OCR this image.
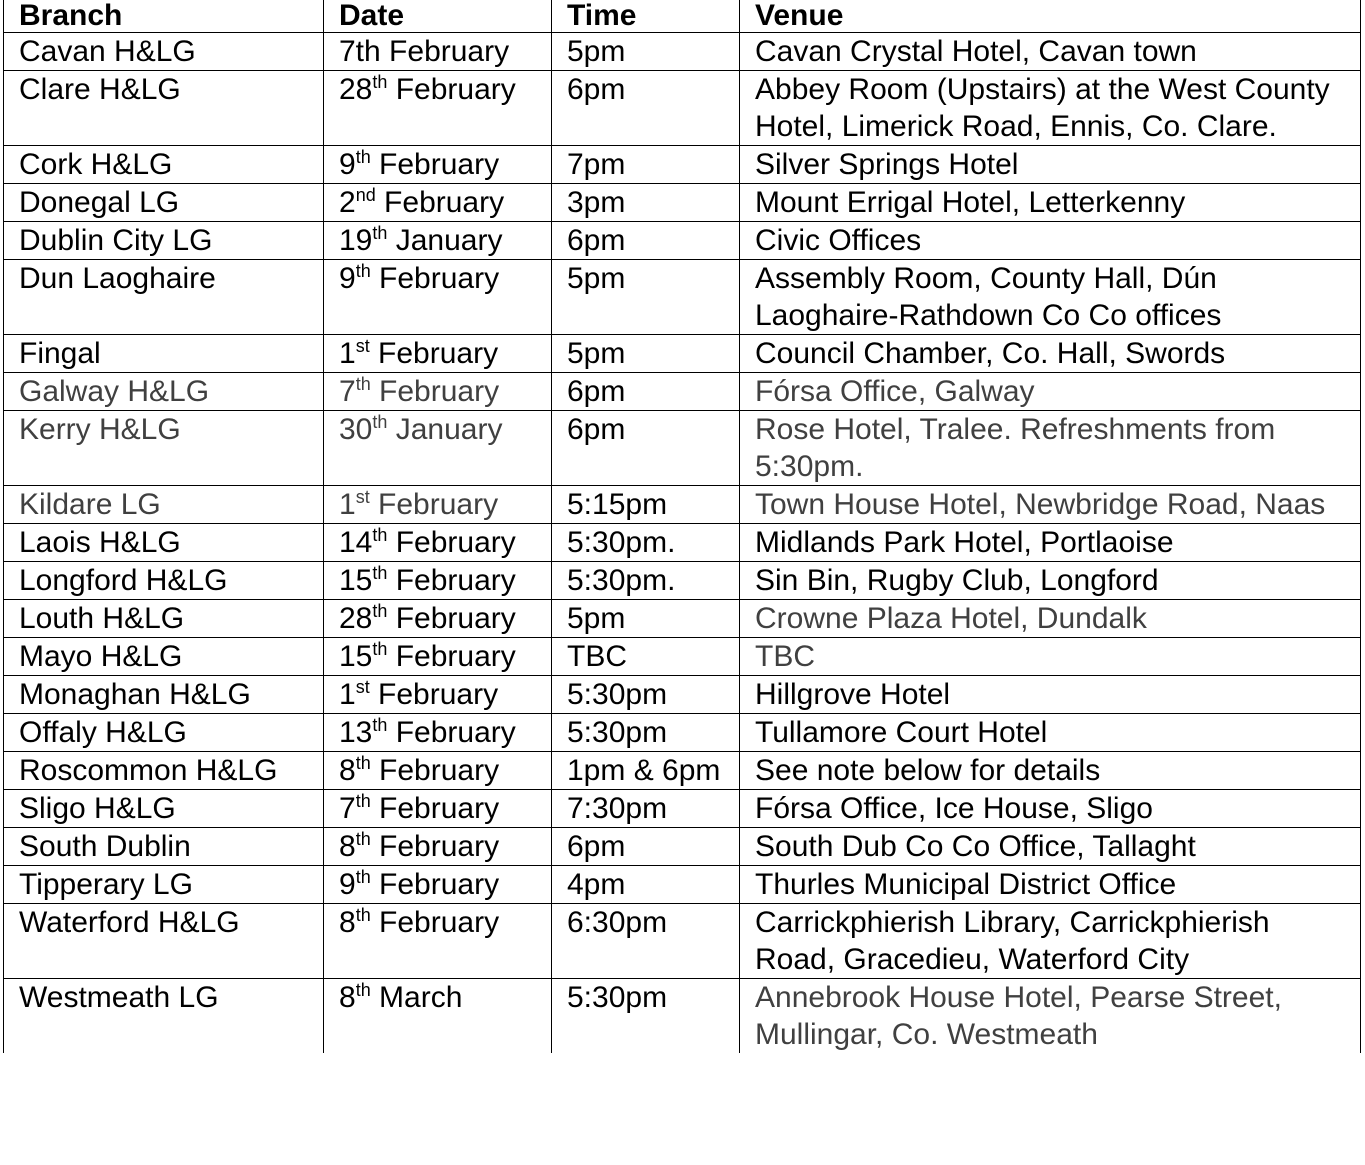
Branch	Date	Time	Venue
Cavan H&LG	7th February	5pm	Cavan Crystal Hotel, Cavan town
Clare H&LG	28th February	6pm	Abbey Room (Upstairs) at the West County Hotel, Limerick Road, Ennis, Co. Clare.
Cork H&LG	9th February	7pm	Silver Springs Hotel
Donegal LG	2nd February	3pm	Mount Errigal Hotel, Letterkenny
Dublin City LG	19th January	6pm	Civic Offices
Dun Laoghaire	9th February	5pm	Assembly Room, County Hall, Dún Laoghaire-Rathdown Co Co offices
Fingal	1st February	5pm	Council Chamber, Co. Hall, Swords
Galway H&LG	7th February	6pm	Fórsa Office, Galway
Kerry H&LG	30th January	6pm	Rose Hotel, Tralee. Refreshments from 5:30pm.
Kildare LG	1st February	5:15pm	Town House Hotel, Newbridge Road, Naas
Laois H&LG	14th February	5:30pm.	Midlands Park Hotel, Portlaoise
Longford H&LG	15th February	5:30pm.	Sin Bin, Rugby Club, Longford
Louth H&LG	28th February	5pm	Crowne Plaza Hotel, Dundalk
Mayo H&LG	15th February	TBC	TBC
Monaghan H&LG	1st February	5:30pm	Hillgrove Hotel
Offaly H&LG	13th February	5:30pm	Tullamore Court Hotel
Roscommon H&LG	8th February	1pm & 6pm	See note below for details
Sligo H&LG	7th February	7:30pm	Fórsa Office, Ice House, Sligo
South Dublin	8th February	6pm	South Dub Co Co Office, Tallaght
Tipperary LG	9th February	4pm	Thurles Municipal District Office
Waterford H&LG	8th February	6:30pm	Carrickphierish Library, Carrickphierish Road, Gracedieu, Waterford City
Westmeath LG	8th March	5:30pm	Annebrook House Hotel, Pearse Street, Mullingar, Co. Westmeath
